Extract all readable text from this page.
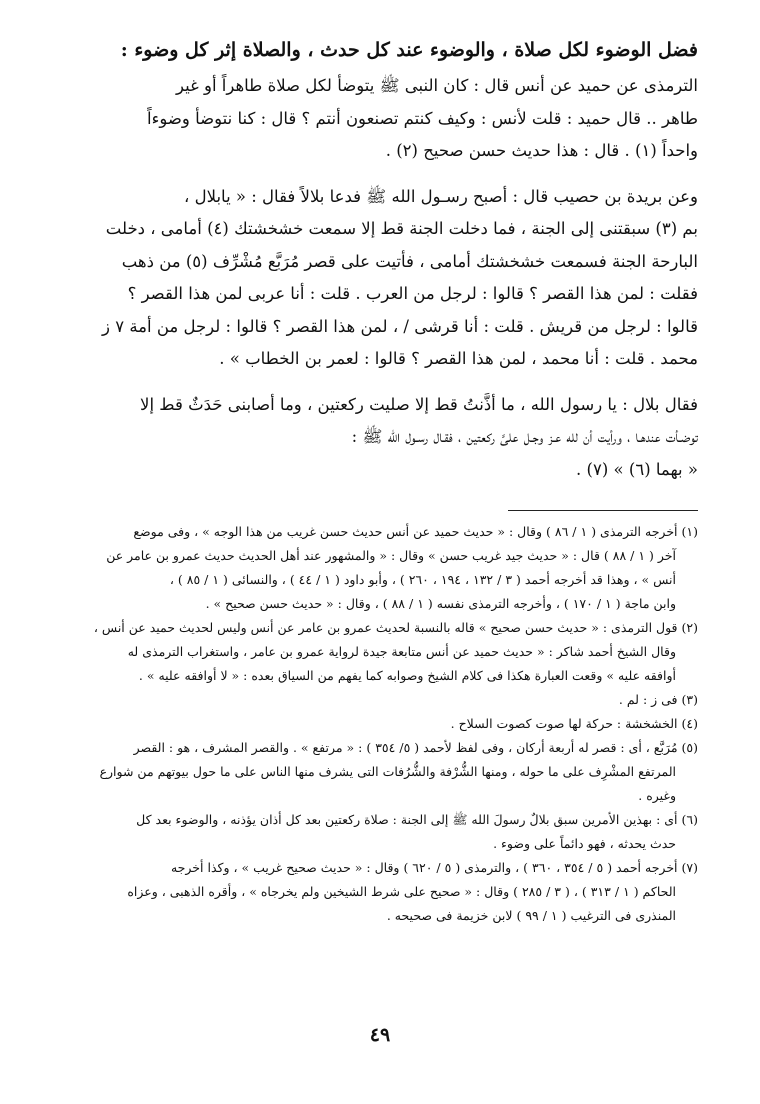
فضل الوضوء لكل صلاة ، والوضوء عند كل حدث ، والصلاة إثر كل وضوء :

الترمذى عن حميد عن أنس قال : كان النبى ﷺ يتوضأ لكل صلاة طاهراً أو غير
طاهر .. قال حميد : قلت لأنس : وكيف كنتم تصنعون أنتم ؟ قال : كنا نتوضأ وضوءاً
واحداً (١) . قال : هذا حديث حسن صحيح (٢) .

وعن بريدة بن حصيب قال : أصبح رسـول الله ﷺ فدعا بلالاً فقال : « يابلال ،
بم (٣) سبقتنى إلى الجنة ، فما دخلت الجنة قط إلا سمعت خشخشتك (٤) أمامى ، دخلت
البارحة الجنة فسمعت خشخشتك أمامى ، فأتيت على قصر مُرَبَّع مُشْرِّف (٥) من ذهب
فقلت : لمن هذا القصر ؟ قالوا : لرجل من العرب . قلت : أنا عربى لمن هذا القصر ؟
قالوا : لرجل من قريش . قلت : أنا قرشى / ، لمن هذا القصر ؟ قالوا : لرجل من أمة ٧ ز
محمد . قلت : أنا محمد ، لمن هذا القصر ؟ قالوا : لعمر بن الخطاب » .

فقال بلال : يا رسول الله ، ما أذَّنتُ قط إلا صليت ركعتين ، وما أصابنى حَدَثٌ قط إلا
توضـأت عندهـا ، ورأيت أن لله عـز وجـل علىَّ ركعتين ، فقـال رسـول الله ﷺ :
« بهما (٦) » (٧) .

(١) أخرجه الترمذى ( ١ / ٨٦ ) وقال : « حديث حميد عن أنس حديث حسن غريب من هذا الوجه » ، وفى موضع
آخر ( ١ / ٨٨ ) قال : « حديث جيد غريب حسن » وقال : « والمشهور عند أهل الحديث حديث عمرو بن عامر عن
أنس » ، وهذا قد أخرجه أحمد ( ٣ / ١٣٢ ، ١٩٤ ، ٢٦٠ ) ، وأبو داود ( ١ / ٤٤ ) ، والنسائى ( ١ / ٨٥ ) ،
وابن ماجة ( ١ / ١٧٠ ) ، وأخرجه الترمذى نفسه ( ١ / ٨٨ ) ، وقال : « حديث حسن صحيح » .
(٢) قول الترمذى : « حديث حسن صحيح » قاله بالنسبة لحديث عمرو بن عامر عن أنس وليس لحديث حميد عن أنس ،
وقال الشيخ أحمد شاكر : « حديث حميد عن أنس متابعة جيدة لرواية عمرو بن عامر ، واستغراب الترمذى له
أوافقه عليه » وقعت العبارة هكذا فى كلام الشيخ وصوابه كما يفهم من السياق بعده : « لا أوافقه عليه » .
(٣) فى ز : لم .
(٤) الخشخشة : حركة لها صوت كصوت السلاح .
(٥) مُرَبَّع ، أى : قصر له أربعة أركان ، وفى لفظ لأحمد ( ٥/ ٣٥٤ ) : « مرتفع » . والقصر المشرف ، هو : القصر
المرتفع المشْرِف على ما حوله ، ومنها الشُّرْفة والشُّرُفات التى يشرف منها الناس على ما حول بيوتهم من شوارع
وغيره .
(٦) أى : بهذين الأمرين سبق بلالٌ رسولَ الله ﷺ إلى الجنة : صلاة ركعتين بعد كل أذان يؤذنه ، والوضوء بعد كل
حدث يحدثه ، فهو دائماً على وضوء .
(٧) أخرجه أحمد ( ٥ / ٣٥٤ ، ٣٦٠ ) ، والترمذى ( ٥ / ٦٢٠ ) وقال : « حديث صحيح غريب » ، وكذا أخرجه
الحاكم ( ١ / ٣١٣ ) ، ( ٣ / ٢٨٥ ) وقال : « صحيح على شرط الشيخين ولم يخرجاه » ، وأقره الذهبى ، وعزاه
المنذرى فى الترغيب ( ١ / ٩٩ ) لابن خزيمة فى صحيحه .
٤٩
